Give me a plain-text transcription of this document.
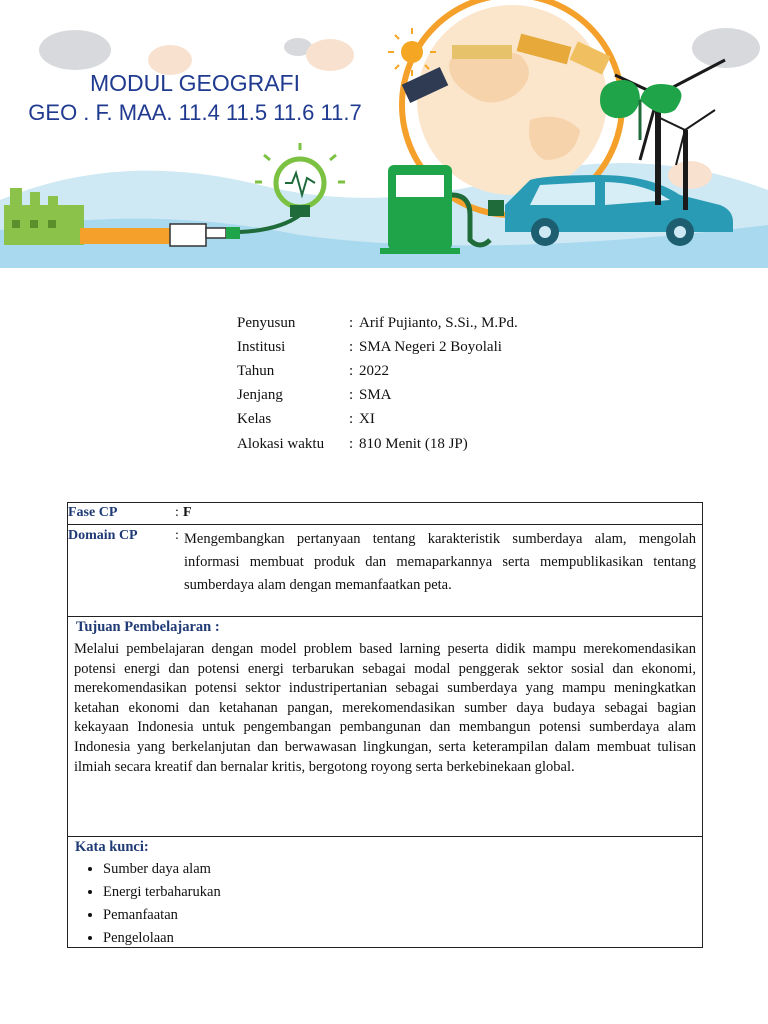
MODUL GEOGRAFI
GEO . F. MAA. 11.4 11.5 11.6 11.7
Penyusun	: Arif Pujianto, S.Si., M.Pd.
Institusi	: SMA Negeri 2 Boyolali
Tahun	: 2022
Jenjang	: SMA
Kelas	: XI
Alokasi waktu	: 810 Menit (18 JP)
Fase CP	: F
Domain CP	: Mengembangkan pertanyaan tentang karakteristik sumberdaya alam, mengolah informasi membuat produk dan memaparkannya serta mempublikasikan tentang sumberdaya alam dengan memanfaatkan peta.
Tujuan Pembelajaran :
Melalui pembelajaran dengan model problem based larning peserta didik mampu merekomendasikan potensi energi dan potensi energi terbarukan sebagai modal penggerak sektor sosial dan ekonomi, merekomendasikan potensi sektor industripertanian sebagai sumberdaya yang mampu meningkatkan ketahan ekonomi dan ketahanan pangan, merekomendasikan sumber daya budaya sebagai bagian kekayaan Indonesia untuk pengembangan pembangunan dan membangun potensi sumberdaya alam Indonesia yang berkelanjutan dan berwawasan lingkungan, serta keterampilan dalam membuat tulisan ilmiah secara kreatif dan bernalar kritis, bergotong royong serta berkebinekaan global.
Kata kunci:
• Sumber daya alam
• Energi terbaharukan
• Pemanfaatan
• Pengelolaan
